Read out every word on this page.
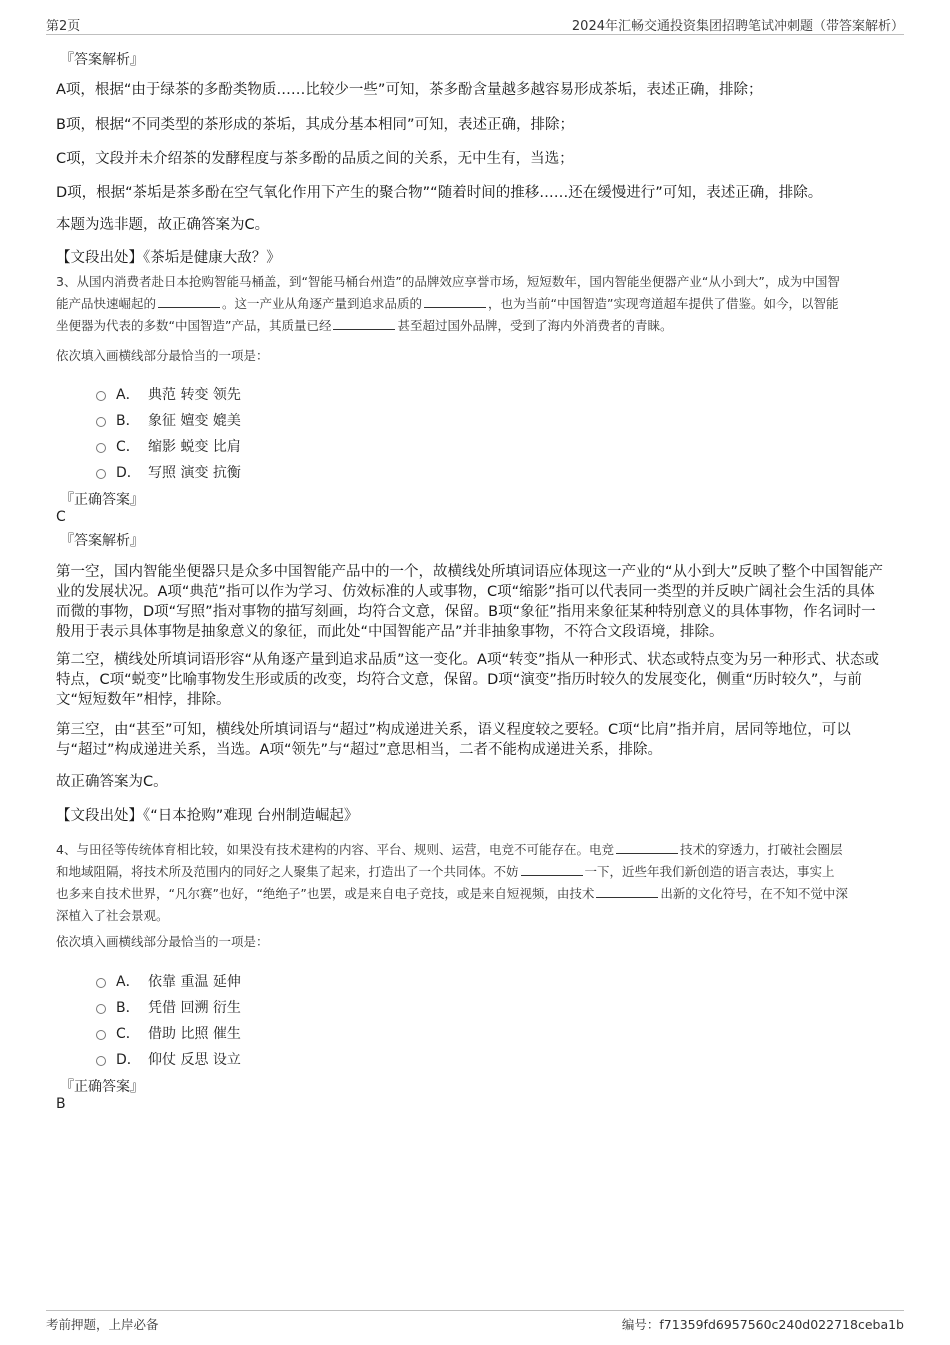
第2页	2024年汇畅交通投资集团招聘笔试冲刺题（带答案解析）
『答案解析』
A项，根据“由于绿茶的多酚类物质……比较少一些”可知，茶多酚含量越多越容易形成茶垢，表述正确，排除；
B项，根据“不同类型的茶形成的茶垢，其成分基本相同”可知，表述正确，排除；
C项，文段并未介绍茶的发酵程度与茶多酚的品质之间的关系，无中生有，当选；
D项，根据“茶垢是茶多酚在空气氧化作用下产生的聚合物”“随着时间的推移……还在缓慢进行”可知，表述正确，排除。
本题为选非题，故正确答案为C。
【文段出处】《茶垢是健康大敌？》
3、从国内消费者赴日本抢购智能马桶盖，到“智能马桶台州造”的品牌效应享誉市场，短短数年，国内智能坐便器产业“从小到大”，成为中国智
能产品快速崛起的	。这一产业从角逐产量到追求品质的	，也为当前“中国智造”实现弯道超车提供了借鉴。如今，以智能
坐便器为代表的多数“中国智造”产品，其质量已经	甚至超过国外品牌，受到了海内外消费者的青睐。
依次填入画横线部分最恰当的一项是：
A． 典范 转变 领先
B． 象征 嬗变 媲美
C． 缩影 蜕变 比肩
D． 写照 演变 抗衡
『正确答案』
C
『答案解析』
第一空，国内智能坐便器只是众多中国智能产品中的一个，故横线处所填词语应体现这一产业的“从小到大”反映了整个中国智能产业的发展状况。A项“典范”指可以作为学习、仿效标准的人或事物，C项“缩影”指可以代表同一类型的并反映广阔社会生活的具体而微的事物，D项“写照”指对事物的描写刻画，均符合文意，保留。B项“象征”指用来象征某种特别意义的具体事物，作名词时一般用于表示具体事物是抽象意义的象征，而此处“中国智能产品”并非抽象事物，不符合文段语境，排除。
第二空，横线处所填词语形容“从角逐产量到追求品质”这一变化。A项“转变”指从一种形式、状态或特点变为另一种形式、状态或特点，C项“蜕变”比喻事物发生形或质的改变，均符合文意，保留。D项“演变”指历时较久的发展变化，侧重“历时较久”，与前文“短短数年”相悖，排除。
第三空，由“甚至”可知，横线处所填词语与“超过”构成递进关系，语义程度较之要轻。C项“比肩”指并肩，居同等地位，可以与“超过”构成递进关系，当选。A项“领先”与“超过”意思相当，二者不能构成递进关系，排除。
故正确答案为C。
【文段出处】《“日本抢购”难现 台州制造崛起》
4、与田径等传统体育相比较，如果没有技术建构的内容、平台、规则、运营，电竞不可能存在。电竞	技术的穿透力，打破社会圈层
和地域阻隔，将技术所及范围内的同好之人聚集了起来，打造出了一个共同体。不妨	一下，近些年我们新创造的语言表达，事实上
也多来自技术世界，“凡尔赛”也好，“绝绝子”也罢，或是来自电子竞技，或是来自短视频，由技术	出新的文化符号，在不知不觉中深
深植入了社会景观。
依次填入画横线部分最恰当的一项是：
A． 依靠 重温 延伸
B． 凭借 回溯 衍生
C． 借助 比照 催生
D． 仰仗 反思 设立
『正确答案』
B
考前押题，上岸必备	编号：f71359fd6957560c240d022718ceba1b
